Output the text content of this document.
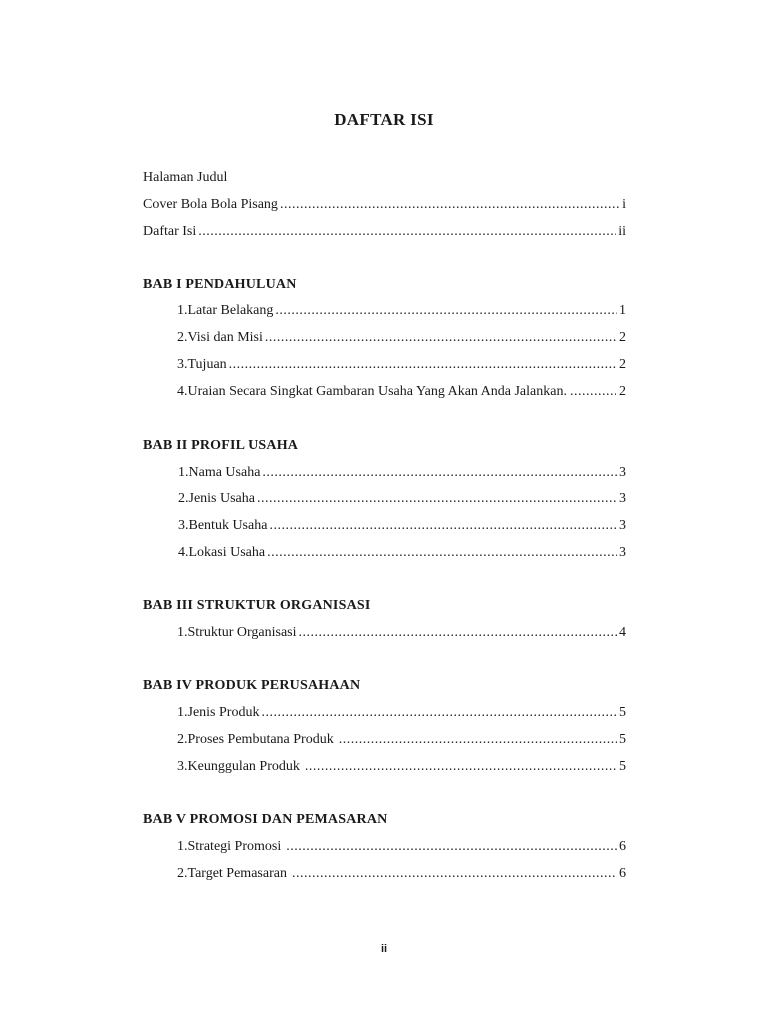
DAFTAR ISI
Halaman Judul
Cover Bola Bola Pisang .....	i
Daftar Isi .....	ii
BAB I PENDAHULUAN
1. Latar Belakang .....	1
2. Visi dan Misi .....	2
3. Tujuan .....	2
4. Uraian Secara Singkat Gambaran Usaha Yang Akan Anda Jalankan. .....	2
BAB II PROFIL USAHA
1. Nama Usaha .....	3
2. Jenis Usaha .....	3
3. Bentuk Usaha .....	3
4. Lokasi Usaha .....	3
BAB III STRUKTUR ORGANISASI
1. Struktur Organisasi .....	4
BAB IV PRODUK PERUSAHAAN
1. Jenis Produk .....	5
2. Proses Pembutana Produk .....	5
3. Keunggulan Produk .....	5
BAB V PROMOSI DAN PEMASARAN
1. Strategi Promosi .....	6
2. Target Pemasaran .....	6
ii
